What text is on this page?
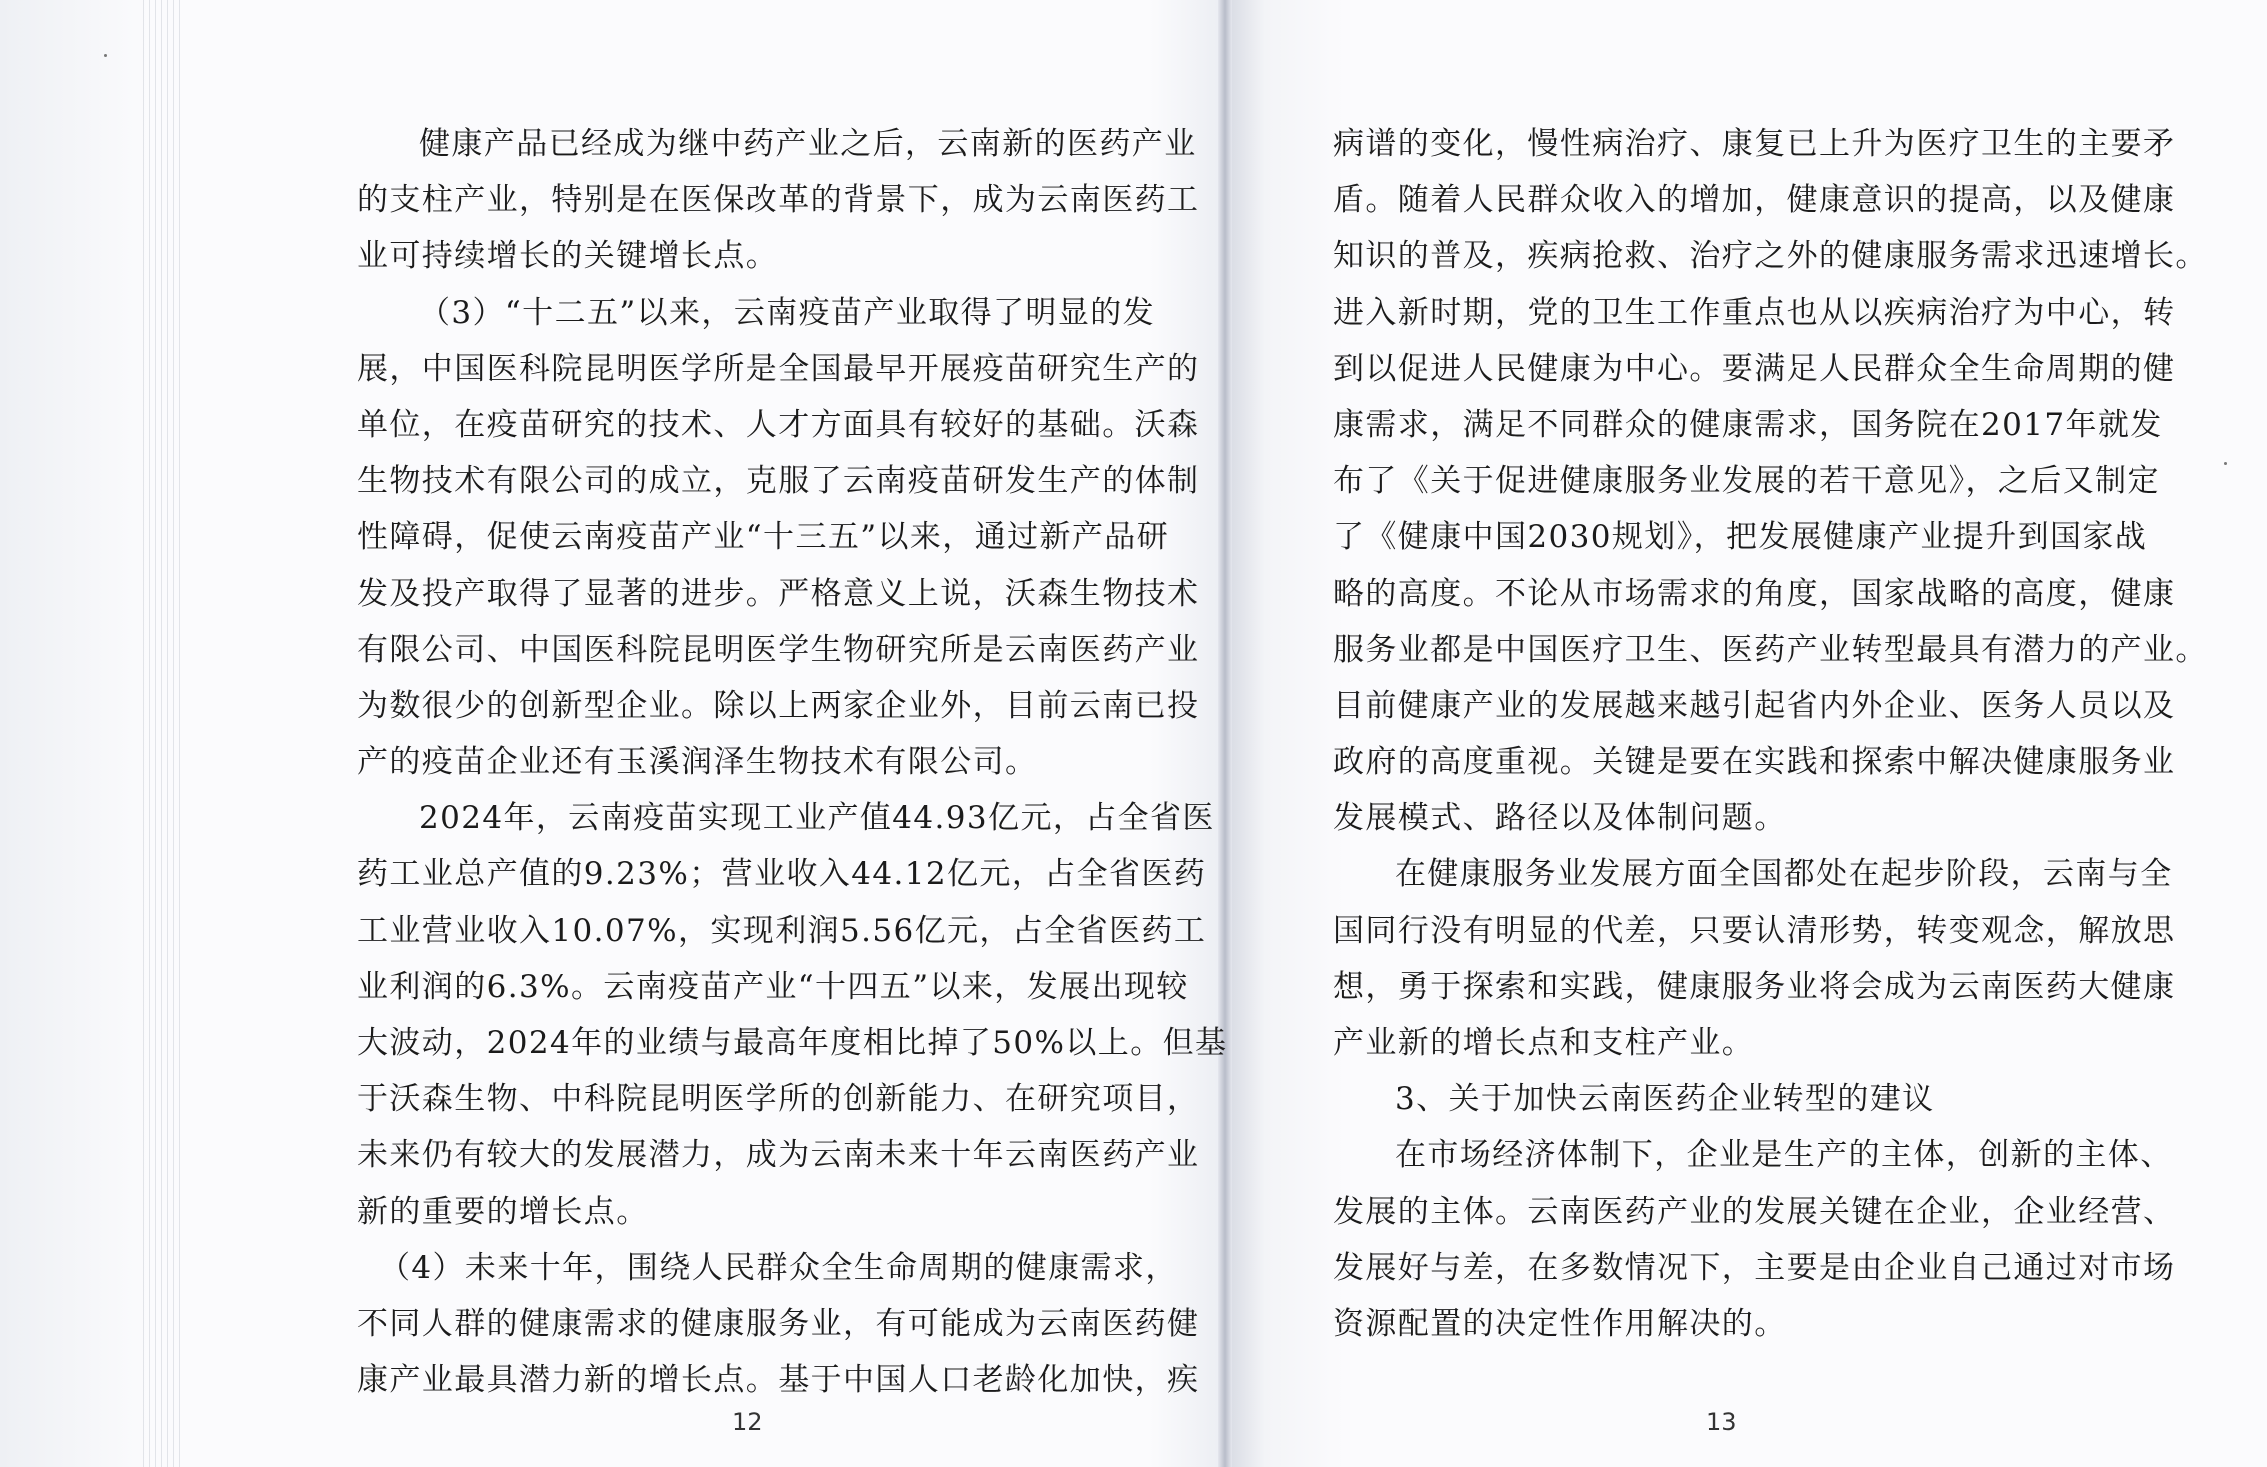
健康产品已经成为继中药产业之后，云南新的医药产业
的支柱产业，特别是在医保改革的背景下，成为云南医药工
业可持续增长的关键增长点。
（3）“十二五”以来，云南疫苗产业取得了明显的发
展，中国医科院昆明医学所是全国最早开展疫苗研究生产的
单位，在疫苗研究的技术、人才方面具有较好的基础。沃森
生物技术有限公司的成立，克服了云南疫苗研发生产的体制
性障碍，促使云南疫苗产业“十三五”以来，通过新产品研
发及投产取得了显著的进步。严格意义上说，沃森生物技术
有限公司、中国医科院昆明医学生物研究所是云南医药产业
为数很少的创新型企业。除以上两家企业外，目前云南已投
产的疫苗企业还有玉溪润泽生物技术有限公司。
2024年，云南疫苗实现工业产值44.93亿元，占全省医
药工业总产值的9.23%；营业收入44.12亿元，占全省医药
工业营业收入10.07%，实现利润5.56亿元，占全省医药工
业利润的6.3%。云南疫苗产业“十四五”以来，发展出现较
大波动，2024年的业绩与最高年度相比掉了50%以上。但基
于沃森生物、中科院昆明医学所的创新能力、在研究项目，
未来仍有较大的发展潜力，成为云南未来十年云南医药产业
新的重要的增长点。
（4）未来十年，围绕人民群众全生命周期的健康需求，
不同人群的健康需求的健康服务业，有可能成为云南医药健
康产业最具潜力新的增长点。基于中国人口老龄化加快，疾
病谱的变化，慢性病治疗、康复已上升为医疗卫生的主要矛
盾。随着人民群众收入的增加，健康意识的提高，以及健康
知识的普及，疾病抢救、治疗之外的健康服务需求迅速增长。
进入新时期，党的卫生工作重点也从以疾病治疗为中心，转
到以促进人民健康为中心。要满足人民群众全生命周期的健
康需求，满足不同群众的健康需求，国务院在2017年就发
布了《关于促进健康服务业发展的若干意见》，之后又制定
了《健康中国2030规划》，把发展健康产业提升到国家战
略的高度。不论从市场需求的角度，国家战略的高度，健康
服务业都是中国医疗卫生、医药产业转型最具有潜力的产业。
目前健康产业的发展越来越引起省内外企业、医务人员以及
政府的高度重视。关键是要在实践和探索中解决健康服务业
发展模式、路径以及体制问题。
在健康服务业发展方面全国都处在起步阶段，云南与全
国同行没有明显的代差，只要认清形势，转变观念，解放思
想，勇于探索和实践，健康服务业将会成为云南医药大健康
产业新的增长点和支柱产业。
3、关于加快云南医药企业转型的建议
在市场经济体制下，企业是生产的主体，创新的主体、
发展的主体。云南医药产业的发展关键在企业，企业经营、
发展好与差，在多数情况下，主要是由企业自己通过对市场
资源配置的决定性作用解决的。
12	13
